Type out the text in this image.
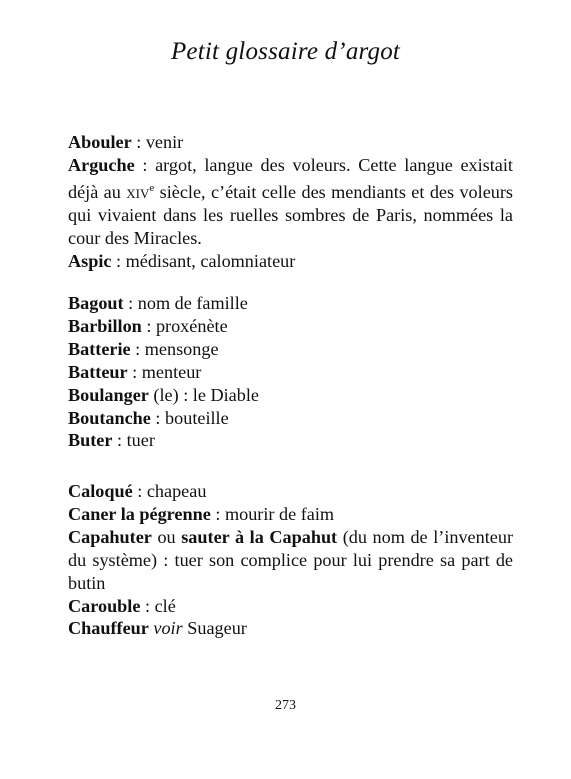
Petit glossaire d’argot

Abouler : venir

Arguche : argot, langue des voleurs. Cette langue existait déjà au xiv$^e$ siècle, c’était celle des mendiants et des voleurs qui vivaient dans les ruelles sombres de Paris, nommées la cour des Miracles.

Aspic : médisant, calomniateur

Bagout : nom de famille

Barbillon : proxénète

Batterie : mensonge

Batteur : menteur

Boulanger (le) : le Diable

Boutanche : bouteille

Buter : tuer

Caloqué : chapeau

Caner la pégrenne : mourir de faim

Capahuter ou sauter à la Capahut (du nom de l’inventeur du système) : tuer son complice pour lui prendre sa part de butin

Carouble : clé

Chauffeur voir Suageur

273
